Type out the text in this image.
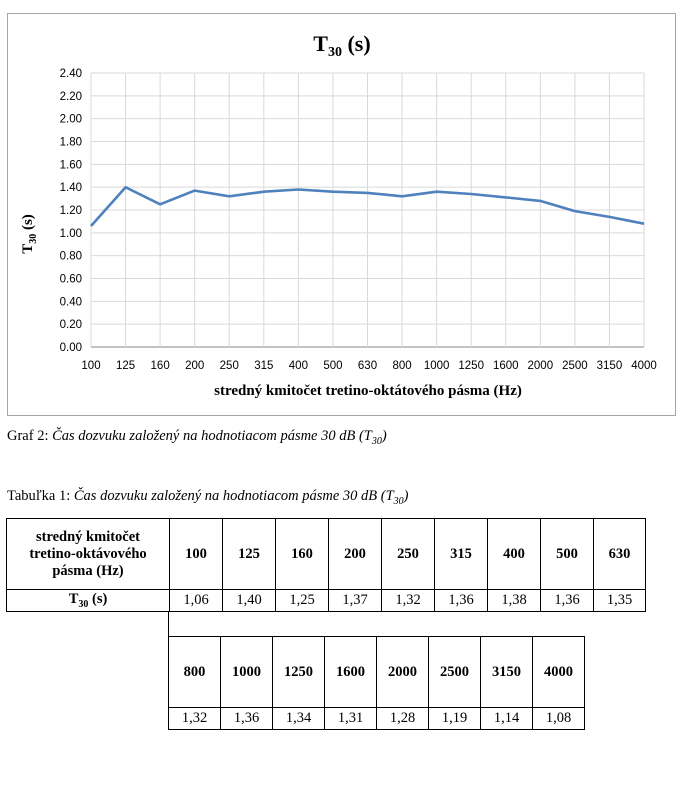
$T_{30}$ (s)
0.00
0.20
0.40
0.60
0.80
1.00
1.20
1.40
1.60
1.80
2.00
2.20
2.40
100 125 160 200 250 315 400 500 630 800 1000 1250 1600 2000 2500 3150 4000
$T_{30}$ (s)
stredný kmitočet tretino-oktátového pásma (Hz)
Graf 2: Čas dozvuku založený na hodnotiacom pásme 30 dB $(T_{30})$
Tabuľka 1: Čas dozvuku založený na hodnotiacom pásme 30 dB $(T_{30})$
stredný kmitočet
tretino-oktávového
pásma (Hz)	100	125	160	200	250	315	400	500	630
$T_{30}$ (s)	1,06	1,40	1,25	1,37	1,32	1,36	1,38	1,36	1,35
800	1000	1250	1600	2000	2500	3150	4000
1,32	1,36	1,34	1,31	1,28	1,19	1,14	1,08
